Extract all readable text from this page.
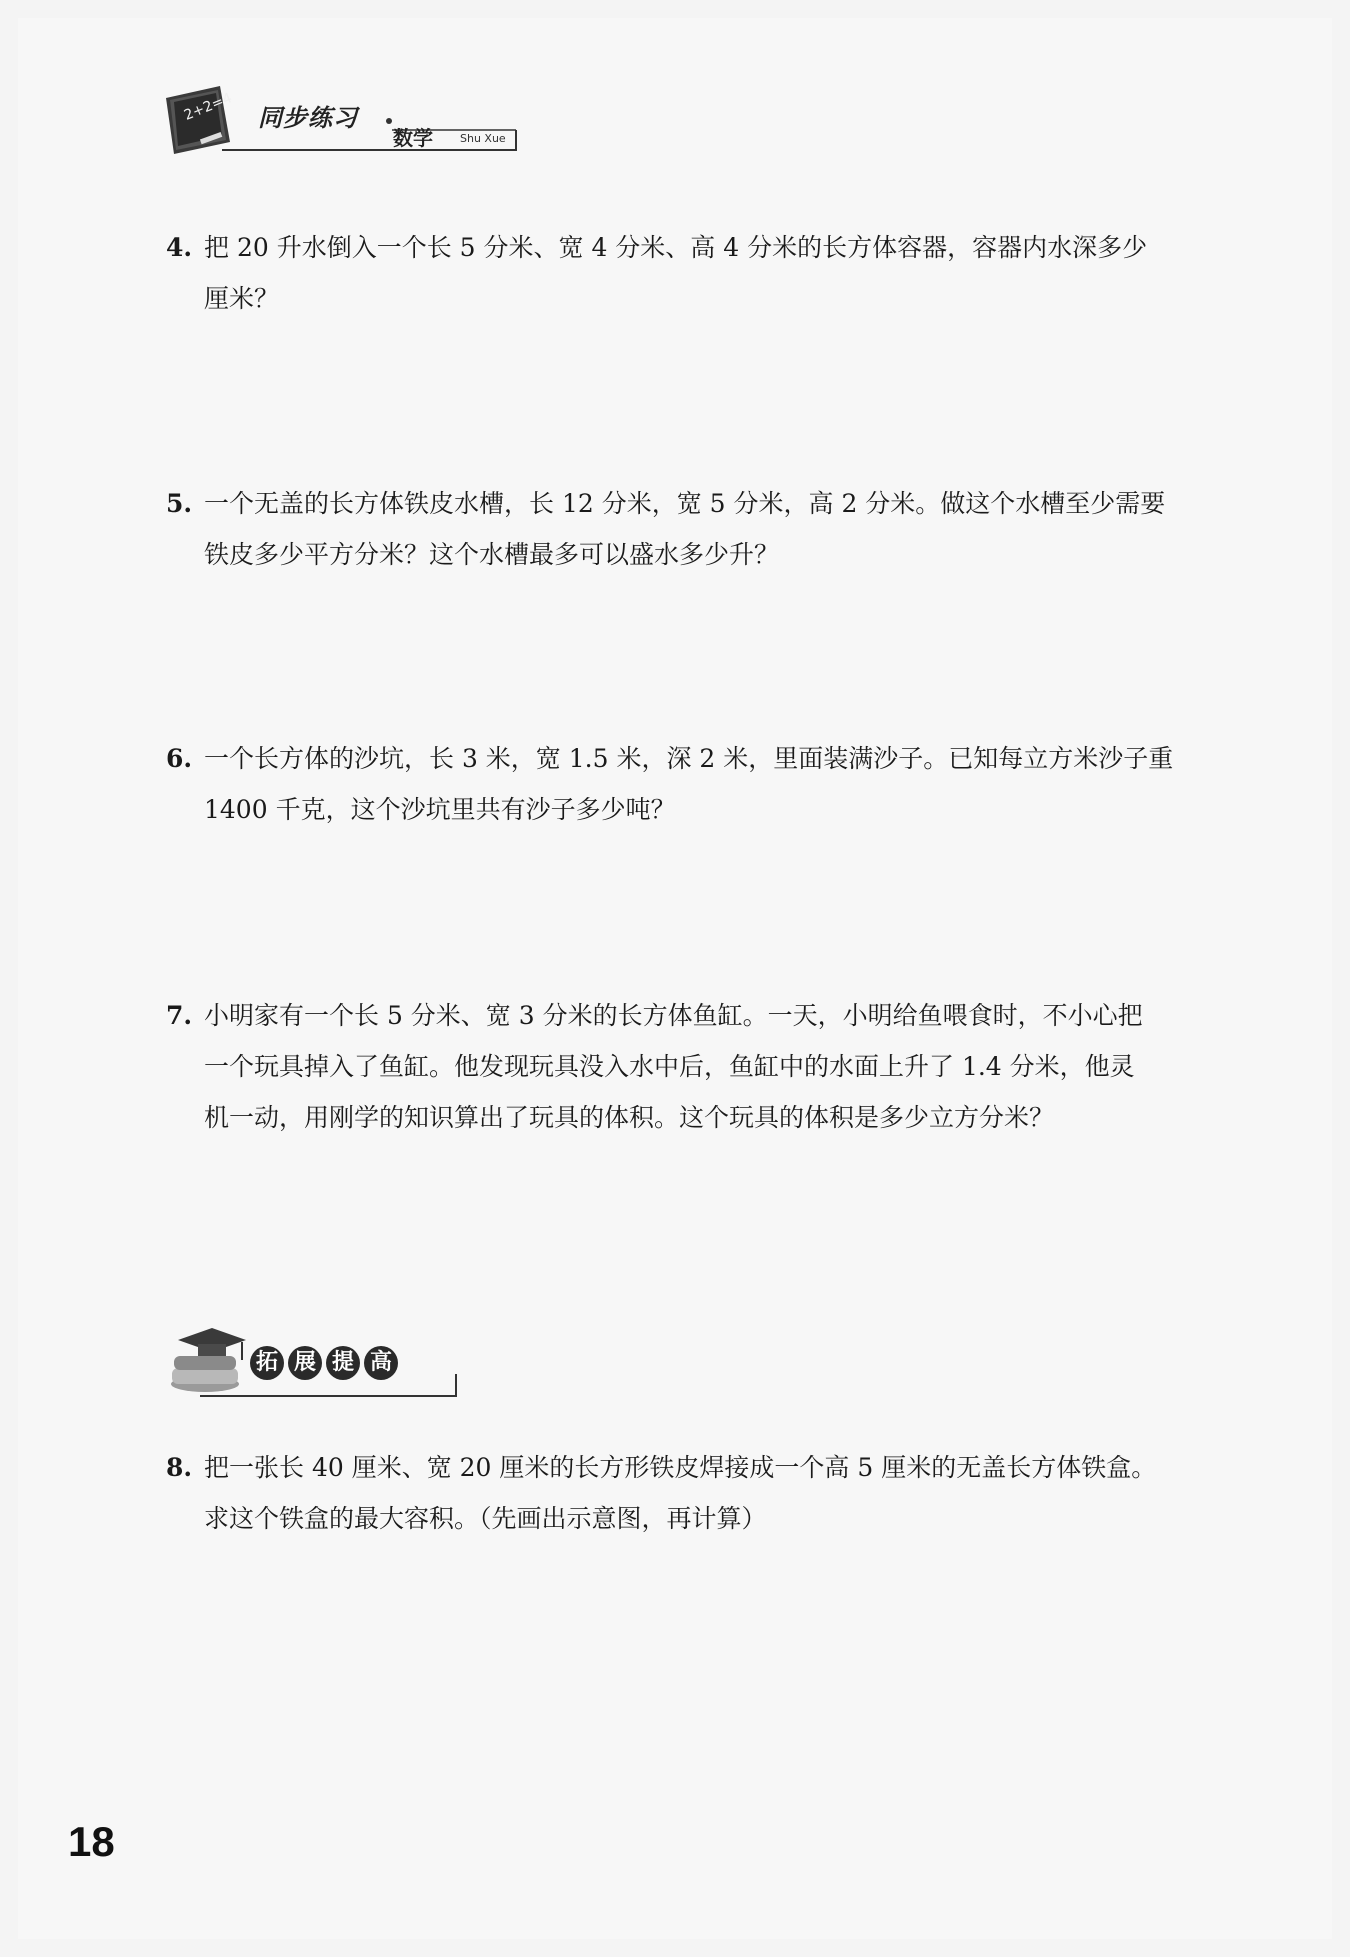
2+2=4 同步练习
数学 Shu Xue
4. 把 20 升水倒入一个长 5 分米、宽 4 分米、高 4 分米的长方体容器，容器内水深多少
厘米？
5. 一个无盖的长方体铁皮水槽，长 12 分米，宽 5 分米，高 2 分米。做这个水槽至少需要
铁皮多少平方分米？这个水槽最多可以盛水多少升？
6. 一个长方体的沙坑，长 3 米，宽 1.5 米，深 2 米，里面装满沙子。已知每立方米沙子重
1400 千克，这个沙坑里共有沙子多少吨？
7. 小明家有一个长 5 分米、宽 3 分米的长方体鱼缸。一天，小明给鱼喂食时，不小心把
一个玩具掉入了鱼缸。他发现玩具没入水中后，鱼缸中的水面上升了 1.4 分米，他灵
机一动，用刚学的知识算出了玩具的体积。这个玩具的体积是多少立方分米？
拓 展 提 高
8. 把一张长 40 厘米、宽 20 厘米的长方形铁皮焊接成一个高 5 厘米的无盖长方体铁盒。
求这个铁盒的最大容积。（先画出示意图，再计算）
18
